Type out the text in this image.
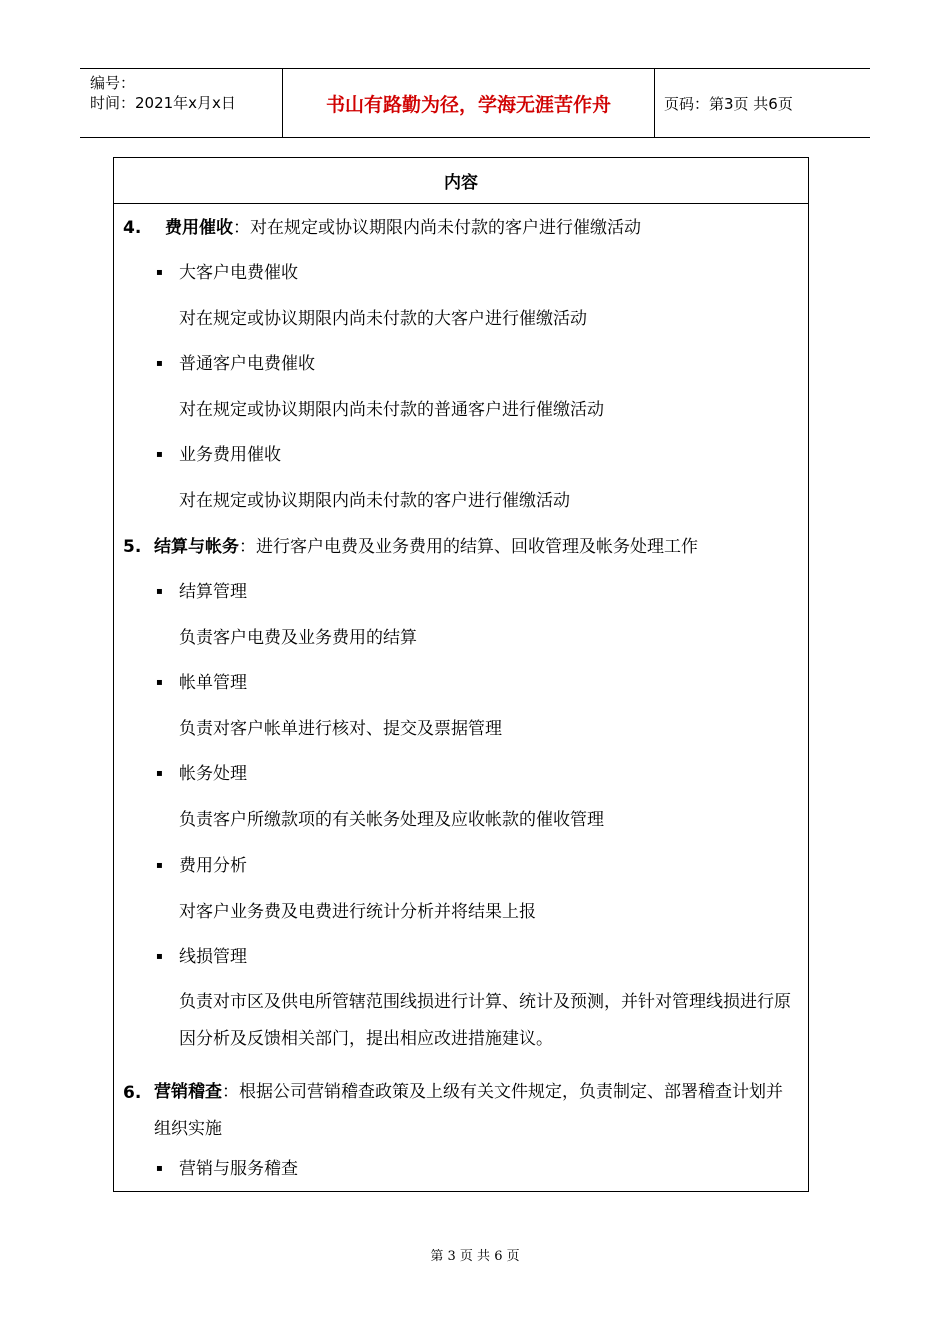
编号：
时间：2021年x月x日	书山有路勤为径，学海无涯苦作舟	页码：第3页 共6页
内容
4. 费用催收：对在规定或协议期限内尚未付款的客户进行催缴活动
▪ 大客户电费催收
对在规定或协议期限内尚未付款的大客户进行催缴活动
▪ 普通客户电费催收
对在规定或协议期限内尚未付款的普通客户进行催缴活动
▪ 业务费用催收
对在规定或协议期限内尚未付款的客户进行催缴活动
5. 结算与帐务：进行客户电费及业务费用的结算、回收管理及帐务处理工作
▪ 结算管理
负责客户电费及业务费用的结算
▪ 帐单管理
负责对客户帐单进行核对、提交及票据管理
▪ 帐务处理
负责客户所缴款项的有关帐务处理及应收帐款的催收管理
▪ 费用分析
对客户业务费及电费进行统计分析并将结果上报
▪ 线损管理
负责对市区及供电所管辖范围线损进行计算、统计及预测，并针对管理线损进行原因分析及反馈相关部门，提出相应改进措施建议。
6. 营销稽查：根据公司营销稽查政策及上级有关文件规定，负责制定、部署稽查计划并组织实施
▪ 营销与服务稽查
第 3 页 共 6 页
